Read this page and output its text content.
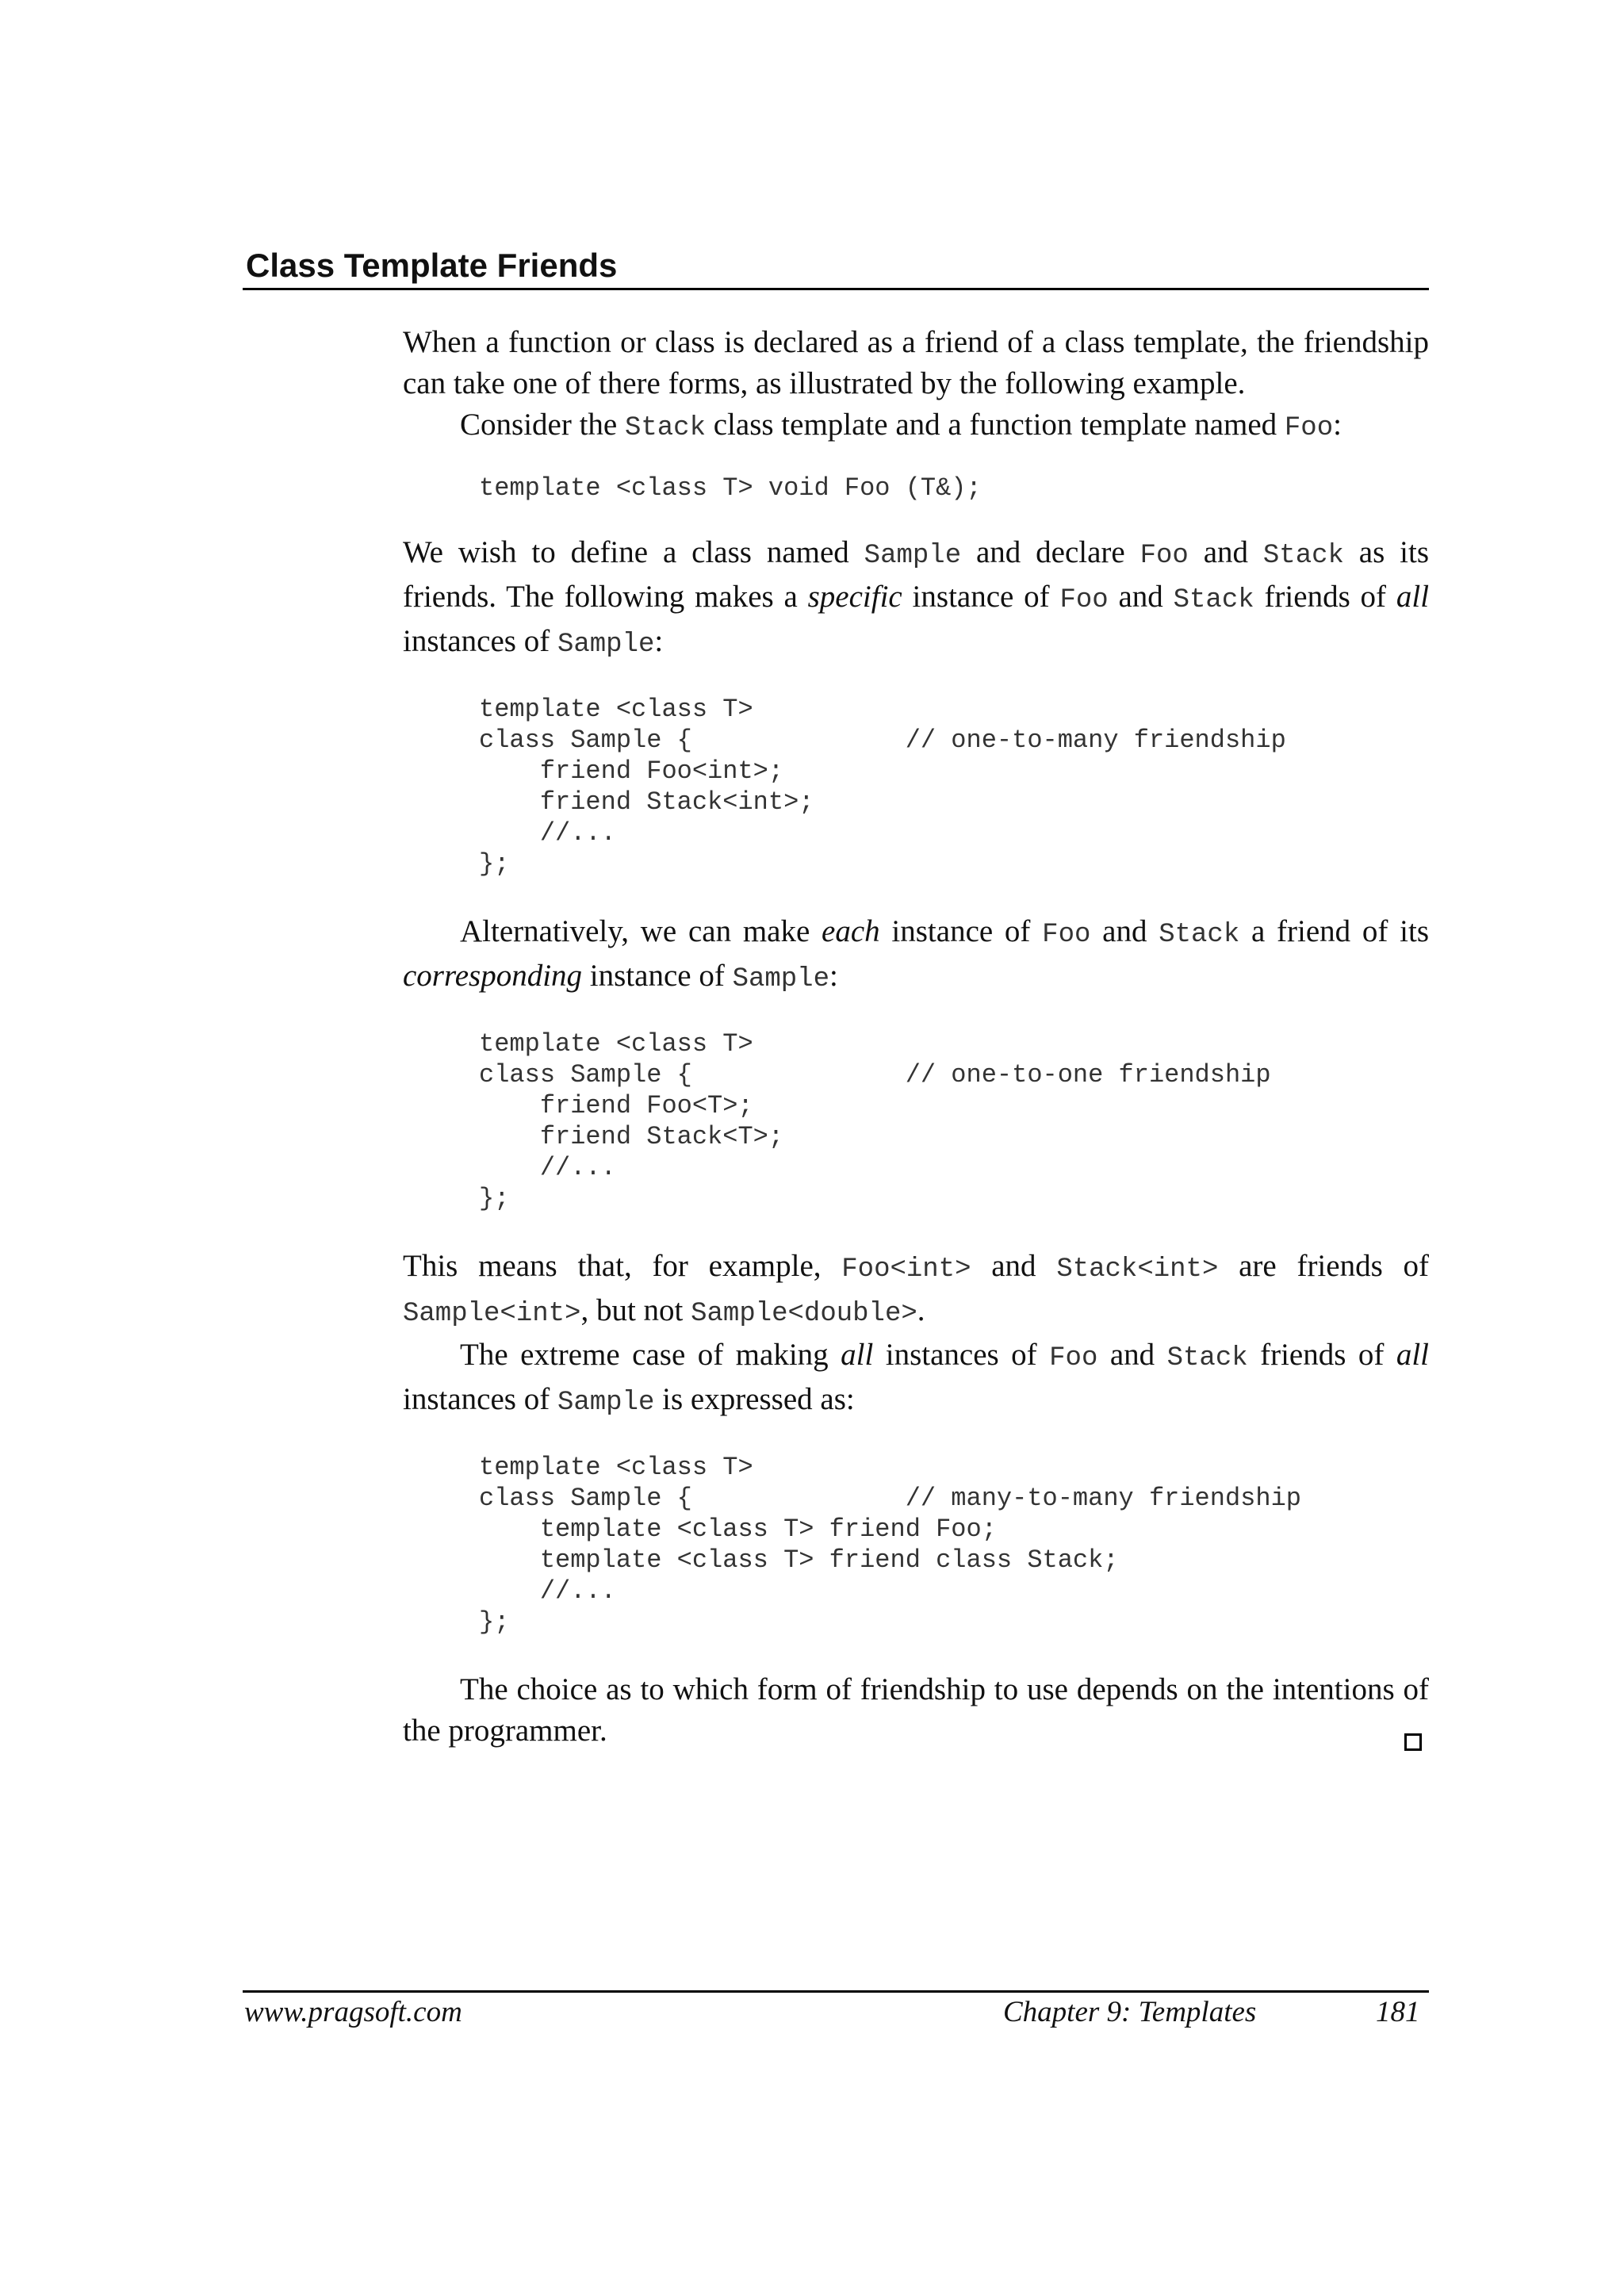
Class Template Friends

When a function or class is declared as a friend of a class template, the friendship can take one of there forms, as illustrated by the following example.

Consider the Stack class template and a function template named Foo:

template <class T> void Foo (T&);

We wish to define a class named Sample and declare Foo and Stack as its friends. The following makes a specific instance of Foo and Stack friends of all instances of Sample:

template <class T>
class Sample {              // one-to-many friendship
friend Foo<int>;
friend Stack<int>;
//...
};

Alternatively, we can make each instance of Foo and Stack a friend of its corresponding instance of Sample:

template <class T>
class Sample {              // one-to-one friendship
friend Foo<T>;
friend Stack<T>;
//...
};

This means that, for example, Foo<int> and Stack<int> are friends of Sample<int>, but not Sample<double>.

The extreme case of making all instances of Foo and Stack friends of all instances of Sample is expressed as:

template <class T>
class Sample {              // many-to-many friendship
template <class T> friend Foo;
template <class T> friend class Stack;
//...
};

The choice as to which form of friendship to use depends on the intentions of the programmer.

www.pragsoft.com	Chapter 9: Templates	181
